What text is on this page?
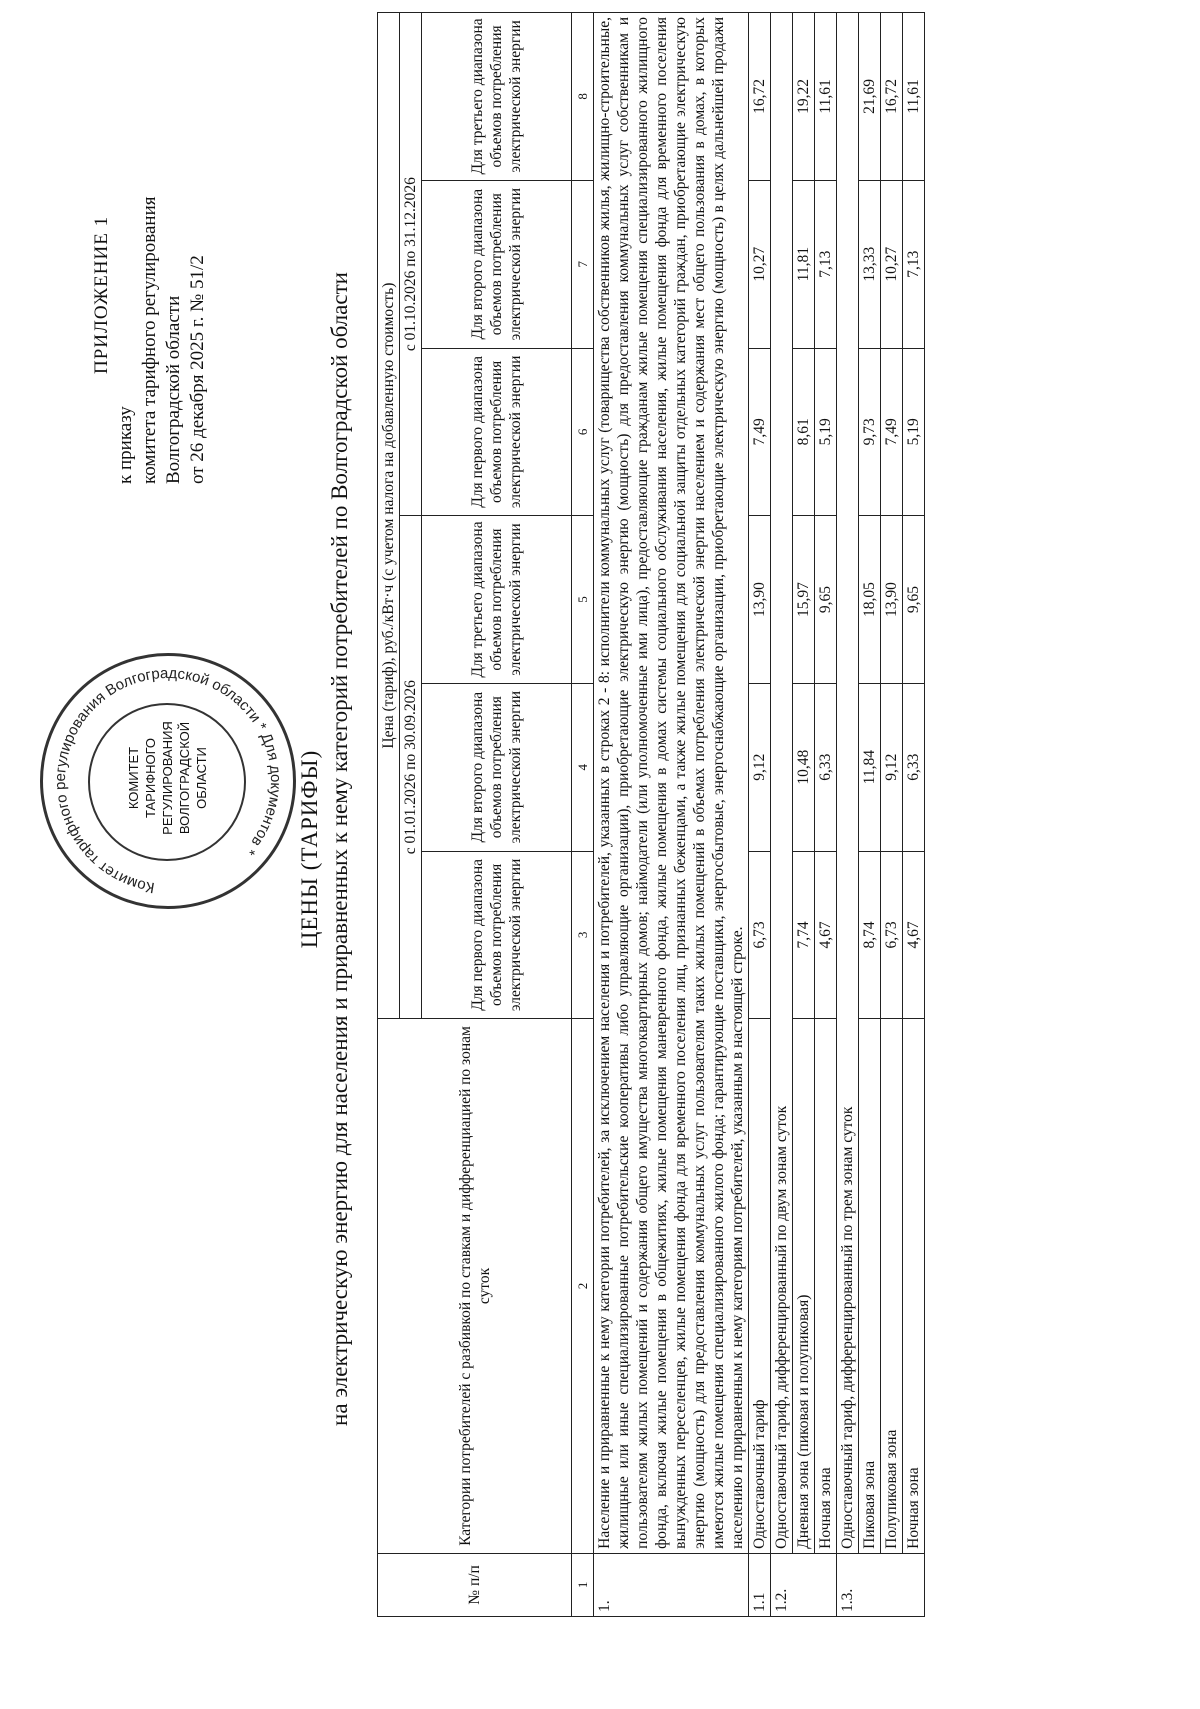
ПРИЛОЖЕНИЕ 1
к приказу комитета тарифного регулирования Волгоградской области от 26 декабря 2025 г. № 51/2
Комитет тарифного регулирования Волгоградской области * Для документов *
КОМИТЕТ ТАРИФНОГО РЕГУЛИРОВАНИЯ ВОЛГОГРАДСКОЙ ОБЛАСТИ	ЦЕНЫ (ТАРИФЫ) на электрическую энергию для населения и приравненных к нему категорий потребителей по Волгоградской области
№ п/п	Категории потребителей с разбивкой по ставкам и дифференциацией по зонам суток	Цена (тариф), руб./кВт·ч (с учетом налога на добавленную стоимость)					
		с 01.01.2026 по 30.09.2026			с 01.10.2026 по 31.12.2026		
		Для первого диапазона объемов потребления электрической энергии	Для второго диапазона объемов потребления электрической энергии	Для третьего диапазона объемов потребления электрической энергии	Для первого диапазона объемов потребления электрической энергии	Для второго диапазона объемов потребления электрической энергии	Для третьего диапазона объемов потребления электрической энергии
1	2	3	4	5	6	7	8
1.	Население и приравненные к нему категории потребителей, за исключением населения и потребителей, указанных в строках 2 - 8: исполнители коммунальных услуг (товарищества собственников жилья, жилищно-строительные, жилищные или иные специализированные потребительские кооперативы либо управляющие организации), приобретающие электрическую энергию (мощность) для предоставления коммунальных услуг собственникам и пользователям жилых помещений и содержания общего имущества многоквартирных домов; наймодатели (или уполномоченные ими лица), предоставляющие гражданам жилые помещения специализированного жилищного фонда, включая жилые помещения в общежитиях, жилые помещения маневренного фонда, жилые помещения в домах системы социального обслуживания населения, жилые помещения фонда для временного поселения вынужденных переселенцев, жилые помещения фонда для временного поселения лиц, признанных беженцами, а также жилые помещения для социальной защиты отдельных категорий граждан, приобретающие электрическую энергию (мощность) для предоставления коммунальных услуг пользователям таких жилых помещений в объемах потребления электрической энергии населением и содержания мест общего пользования в домах, в которых имеются жилые помещения специализированного жилого фонда; гарантирующие поставщики, энергосбытовые, энергоснабжающие организации, приобретающие электрическую энергию (мощность) в целях дальнейшей продажи населению и приравненным к нему категориям потребителей, указанным в настоящей строке.						
1.1	Одноставочный тариф	6,73	9,12	13,90	7,49	10,27	16,72
1.2.	Одноставочный тариф, дифференцированный по двум зонам суток						
	Дневная зона (пиковая и полупиковая)	7,74	10,48	15,97	8,61	11,81	19,22
	Ночная зона	4,67	6,33	9,65	5,19	7,13	11,61
1.3.	Одноставочный тариф, дифференцированный по трем зонам суток						
	Пиковая зона	8,74	11,84	18,05	9,73	13,33	21,69
	Полупиковая зона	6,73	9,12	13,90	7,49	10,27	16,72
	Ночная зона	4,67	6,33	9,65	5,19	7,13	11,61
